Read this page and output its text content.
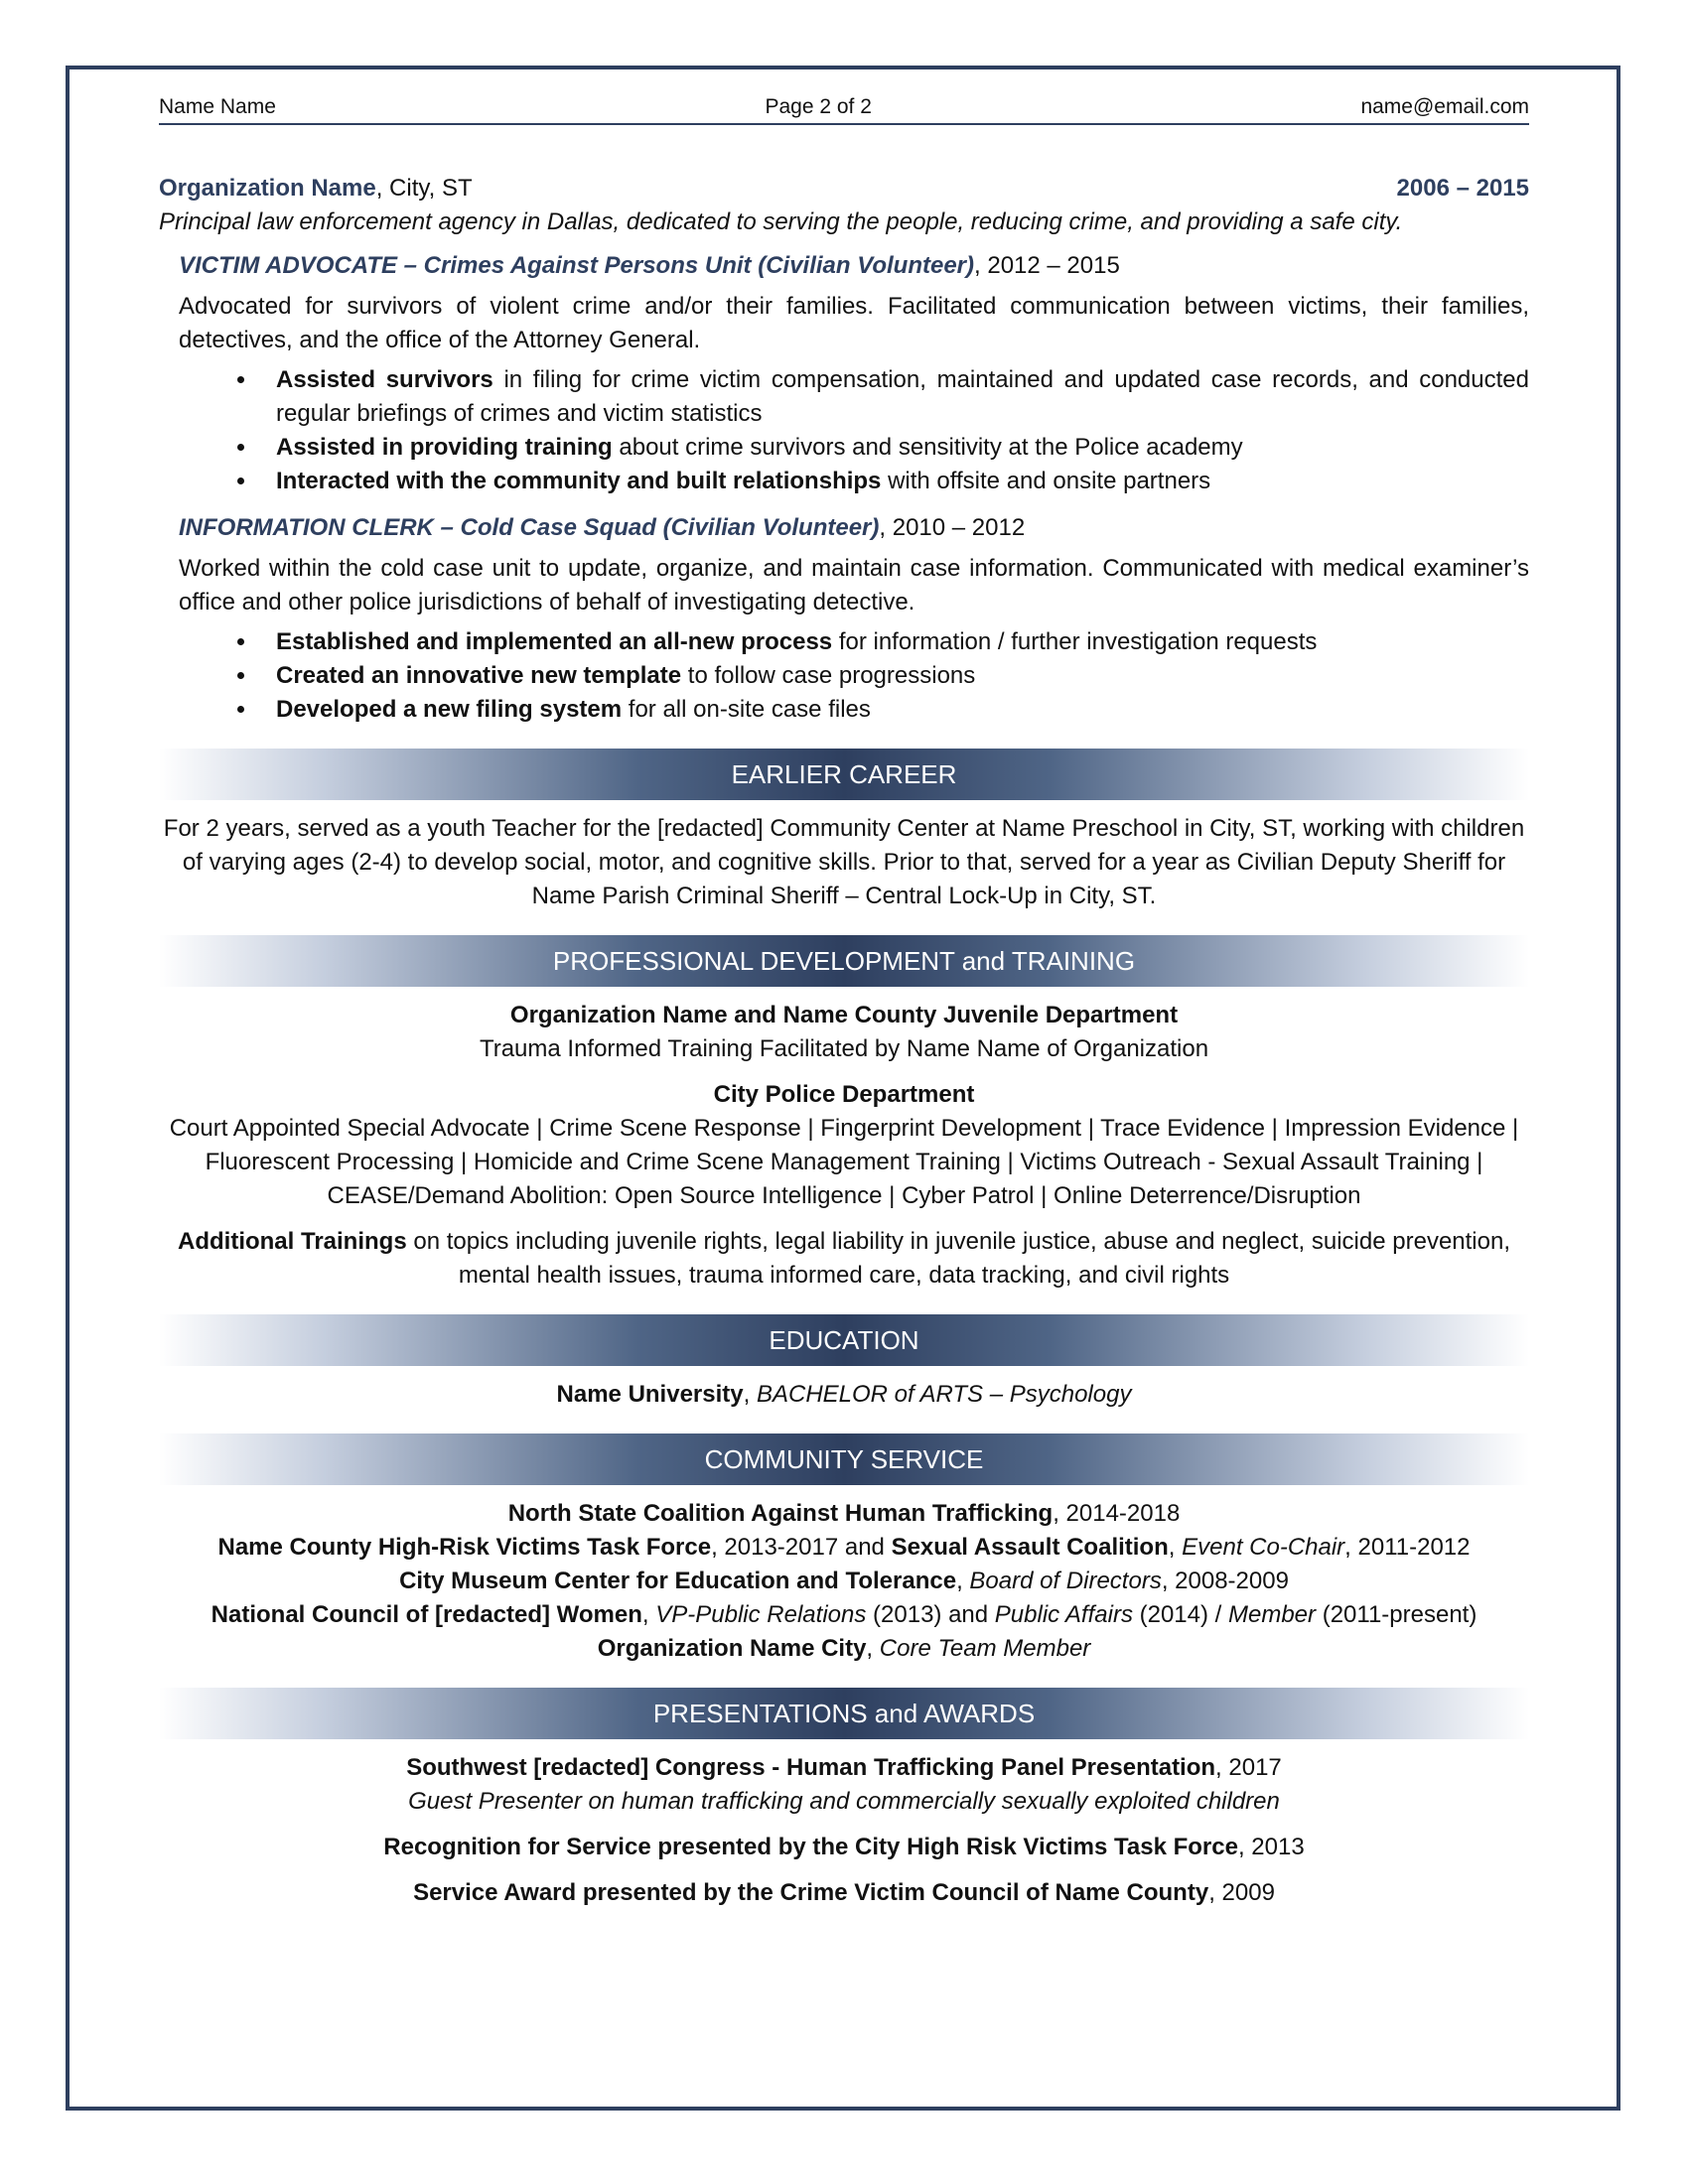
Name Name	Page 2 of 2	name@email.com
Organization Name, City, ST	2006 – 2015
Principal law enforcement agency in Dallas, dedicated to serving the people, reducing crime, and providing a safe city.
VICTIM ADVOCATE – Crimes Against Persons Unit (Civilian Volunteer), 2012 – 2015
Advocated for survivors of violent crime and/or their families. Facilitated communication between victims, their families, detectives, and the office of the Attorney General.
• Assisted survivors in filing for crime victim compensation, maintained and updated case records, and conducted regular briefings of crimes and victim statistics
• Assisted in providing training about crime survivors and sensitivity at the Police academy
• Interacted with the community and built relationships with offsite and onsite partners
INFORMATION CLERK – Cold Case Squad (Civilian Volunteer), 2010 – 2012
Worked within the cold case unit to update, organize, and maintain case information. Communicated with medical examiner’s office and other police jurisdictions of behalf of investigating detective.
• Established and implemented an all-new process for information / further investigation requests
• Created an innovative new template to follow case progressions
• Developed a new filing system for all on-site case files
EARLIER CAREER
For 2 years, served as a youth Teacher for the [redacted] Community Center at Name Preschool in City, ST, working with children of varying ages (2-4) to develop social, motor, and cognitive skills. Prior to that, served for a year as Civilian Deputy Sheriff for Name Parish Criminal Sheriff – Central Lock-Up in City, ST.
PROFESSIONAL DEVELOPMENT and TRAINING
Organization Name and Name County Juvenile Department
Trauma Informed Training Facilitated by Name Name of Organization
City Police Department
Court Appointed Special Advocate | Crime Scene Response | Fingerprint Development | Trace Evidence | Impression Evidence | Fluorescent Processing | Homicide and Crime Scene Management Training | Victims Outreach - Sexual Assault Training | CEASE/Demand Abolition: Open Source Intelligence | Cyber Patrol | Online Deterrence/Disruption
Additional Trainings on topics including juvenile rights, legal liability in juvenile justice, abuse and neglect, suicide prevention, mental health issues, trauma informed care, data tracking, and civil rights
EDUCATION
Name University, BACHELOR of ARTS – Psychology
COMMUNITY SERVICE
North State Coalition Against Human Trafficking, 2014-2018
Name County High-Risk Victims Task Force, 2013-2017 and Sexual Assault Coalition, Event Co-Chair, 2011-2012
City Museum Center for Education and Tolerance, Board of Directors, 2008-2009
National Council of [redacted] Women, VP-Public Relations (2013) and Public Affairs (2014) / Member (2011-present)
Organization Name City, Core Team Member
PRESENTATIONS and AWARDS
Southwest [redacted] Congress - Human Trafficking Panel Presentation, 2017
Guest Presenter on human trafficking and commercially sexually exploited children
Recognition for Service presented by the City High Risk Victims Task Force, 2013
Service Award presented by the Crime Victim Council of Name County, 2009
